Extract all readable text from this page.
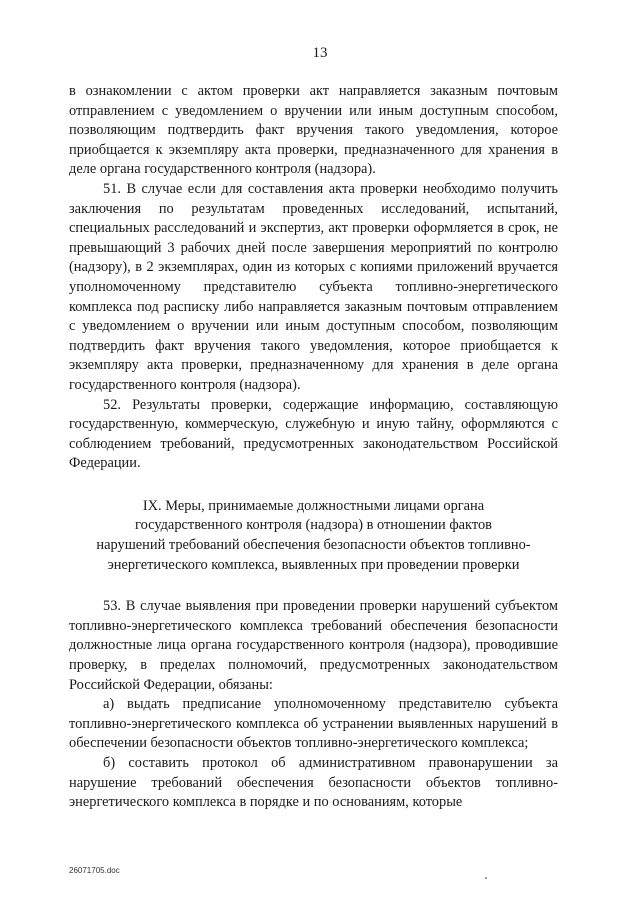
13

в ознакомлении с актом проверки акт направляется заказным почтовым отправлением с уведомлением о вручении или иным доступным способом, позволяющим подтвердить факт вручения такого уведомления, которое приобщается к экземпляру акта проверки, предназначенного для хранения в деле органа государственного контроля (надзора).

51. В случае если для составления акта проверки необходимо получить заключения по результатам проведенных исследований, испытаний, специальных расследований и экспертиз, акт проверки оформляется в срок, не превышающий 3 рабочих дней после завершения мероприятий по контролю (надзору), в 2 экземплярах, один из которых с копиями приложений вручается уполномоченному представителю субъекта топливно-энергетического комплекса под расписку либо направляется заказным почтовым отправлением с уведомлением о вручении или иным доступным способом, позволяющим подтвердить факт вручения такого уведомления, которое приобщается к экземпляру акта проверки, предназначенному для хранения в деле органа государственного контроля (надзора).

52. Результаты проверки, содержащие информацию, составляющую государственную, коммерческую, служебную и иную тайну, оформляются с соблюдением требований, предусмотренных законодательством Российской Федерации.

IX. Меры, принимаемые должностными лицами органа
государственного контроля (надзора) в отношении фактов
нарушений требований обеспечения безопасности объектов топливно-
энергетического комплекса, выявленных при проведении проверки

53. В случае выявления при проведении проверки нарушений субъектом топливно-энергетического комплекса требований обеспечения безопасности должностные лица органа государственного контроля (надзора), проводившие проверку, в пределах полномочий, предусмотренных законодательством Российской Федерации, обязаны:

а) выдать предписание уполномоченному представителю субъекта топливно-энергетического комплекса об устранении выявленных нарушений в обеспечении безопасности объектов топливно-энергетического комплекса;

б) составить протокол об административном правонарушении за нарушение требований обеспечения безопасности объектов топливно-энергетического комплекса в порядке и по основаниям, которые

26071705.doc
